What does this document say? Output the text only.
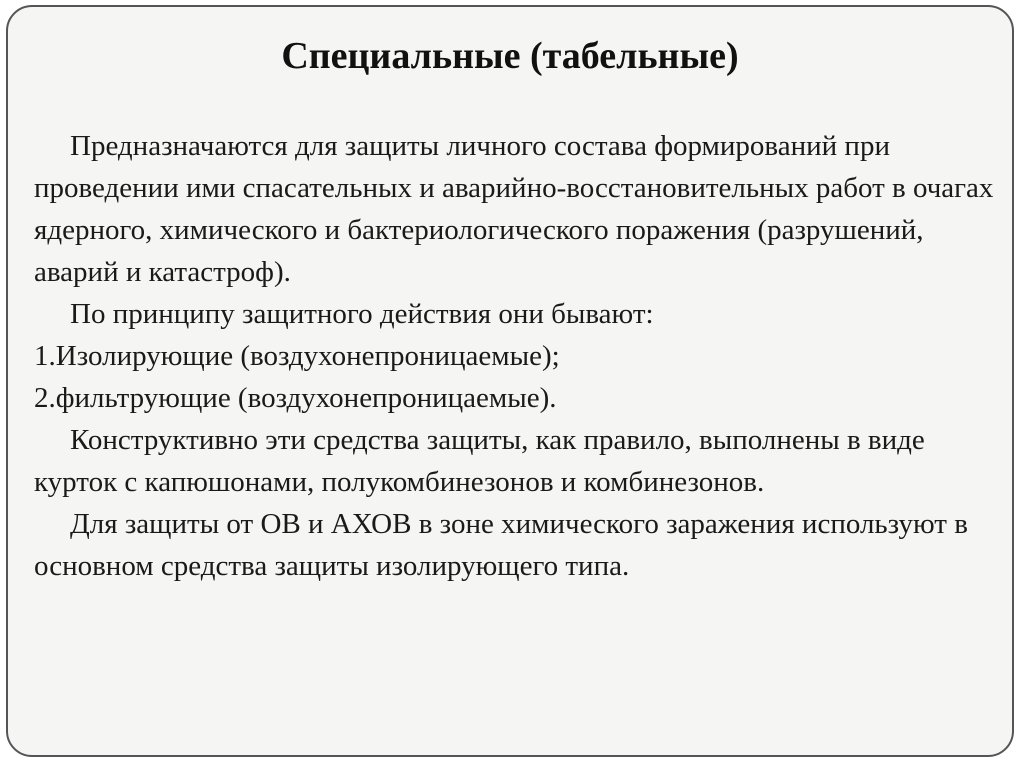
Специальные (табельные)

Предназначаются для защиты личного состава формирований при проведении ими спасательных и аварийно-восстановительных работ в очагах ядерного, химического и бактериологического поражения (разрушений, аварий и катастроф).

По принципу защитного действия они бывают:

1.Изолирующие (воздухонепроницаемые);

2.фильтрующие (воздухонепроницаемые).

Конструктивно эти средства защиты, как правило, выполнены в виде курток с капюшонами, полукомбинезонов и комбинезонов.

Для защиты от ОВ и АХОВ в зоне химического заражения используют в основном средства защиты изолирующего типа.
